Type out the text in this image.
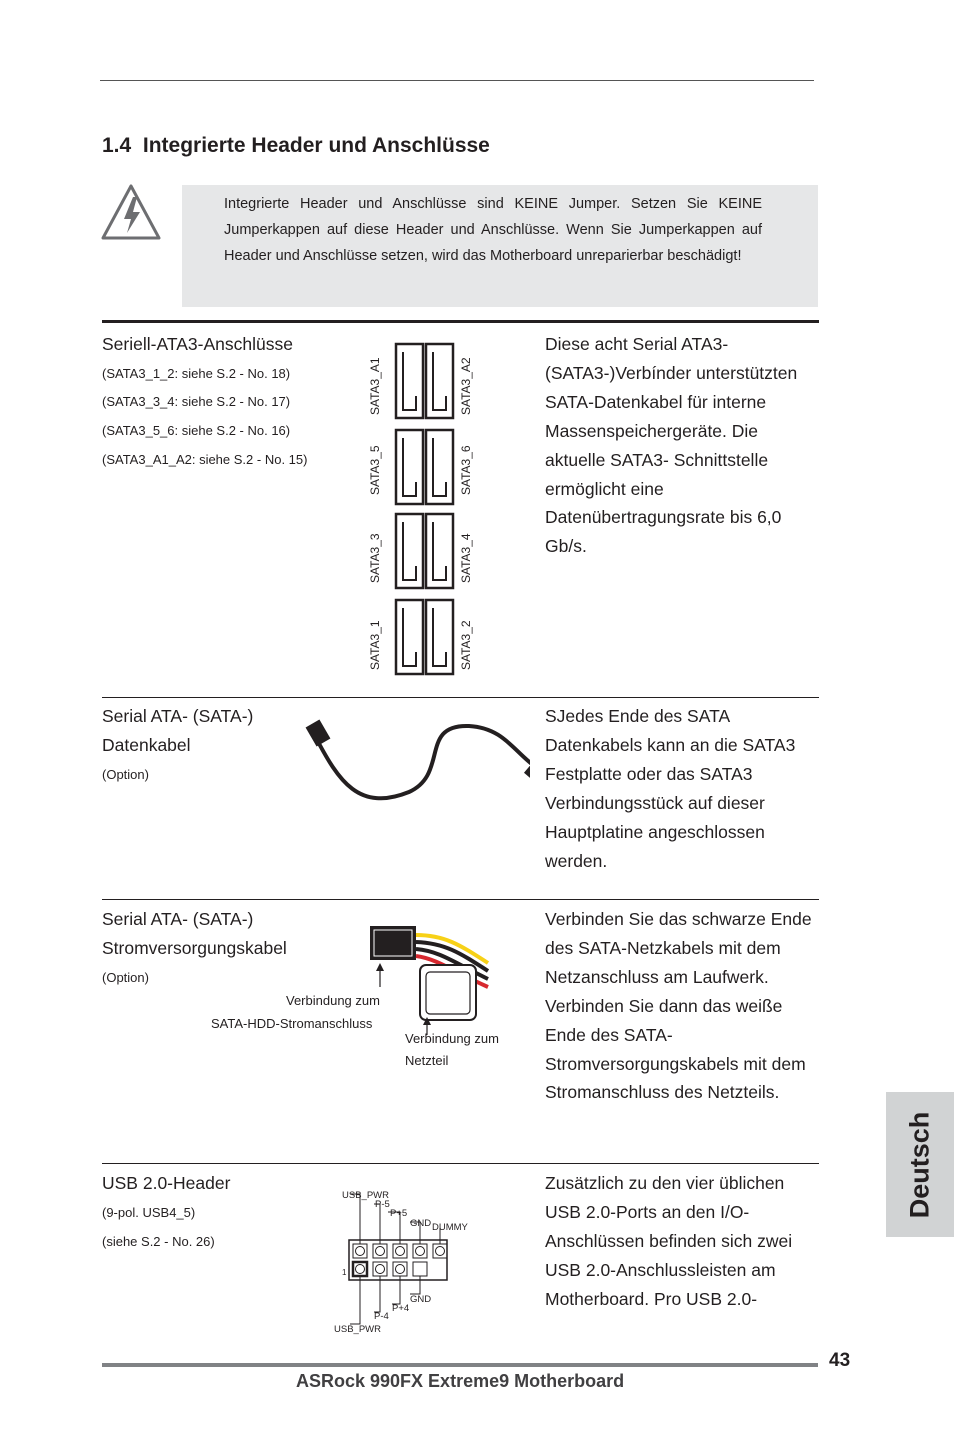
1.4 Integrierte Header und Anschlüsse

Integrierte Header und Anschlüsse sind KEINE Jumper. Setzen Sie KEINE Jumperkappen auf diese Header und Anschlüsse. Wenn Sie Jumperkappen auf Header und Anschlüsse setzen, wird das Motherboard unreparierbar beschädigt!

Seriell-ATA3-Anschlüsse

(SATA3_1_2: siehe S.2 - No. 18)

(SATA3_3_4: siehe S.2 - No. 17)

(SATA3_5_6: siehe S.2 - No. 16)

(SATA3_A1_A2: siehe S.2 - No. 15)

SATA3_A1
SATA3_5
SATA3_3
SATA3_1
SATA3_A2
SATA3_6
SATA3_4
SATA3_2

Diese acht Serial ATA3-(SATA3-)Verbínder unterstützten SATA-Datenkabel für interne Massenspeichergeräte. Die aktuelle SATA3- Schnittstelle ermöglicht eine Datenübertragungsrate bis 6,0 Gb/s.

Serial ATA- (SATA-) Datenkabel

(Option)

SJedes Ende des SATA Datenkabels kann an die SATA3 Festplatte oder das SATA3 Verbindungsstück auf dieser Hauptplatine angeschlossen werden.

Serial ATA- (SATA-) Stromversorgungskabel

(Option)

Verbindung zum

SATA-HDD-Stromanschluss

Verbindung zum

Netzteil

Verbinden Sie das schwarze Ende des SATA-Netzkabels mit dem Netzanschluss am Laufwerk. Verbinden Sie dann das weiße Ende des SATA-Stromversorgungskabels mit dem Stromanschluss des Netzteils.

USB 2.0-Header

(9-pol. USB4_5)

(siehe S.2 - No. 26)

USB_PWR
P-5
P+5
GND DUMMY
1
GND
P+4
P-4
USB_PWR

Zusätzlich zu den vier üblichen USB 2.0-Ports an den I/O-Anschlüssen befinden sich zwei USB 2.0-Anschlussleisten am Motherboard. Pro USB 2.0-

Deutsch

43

ASRock 990FX Extreme9 Motherboard
